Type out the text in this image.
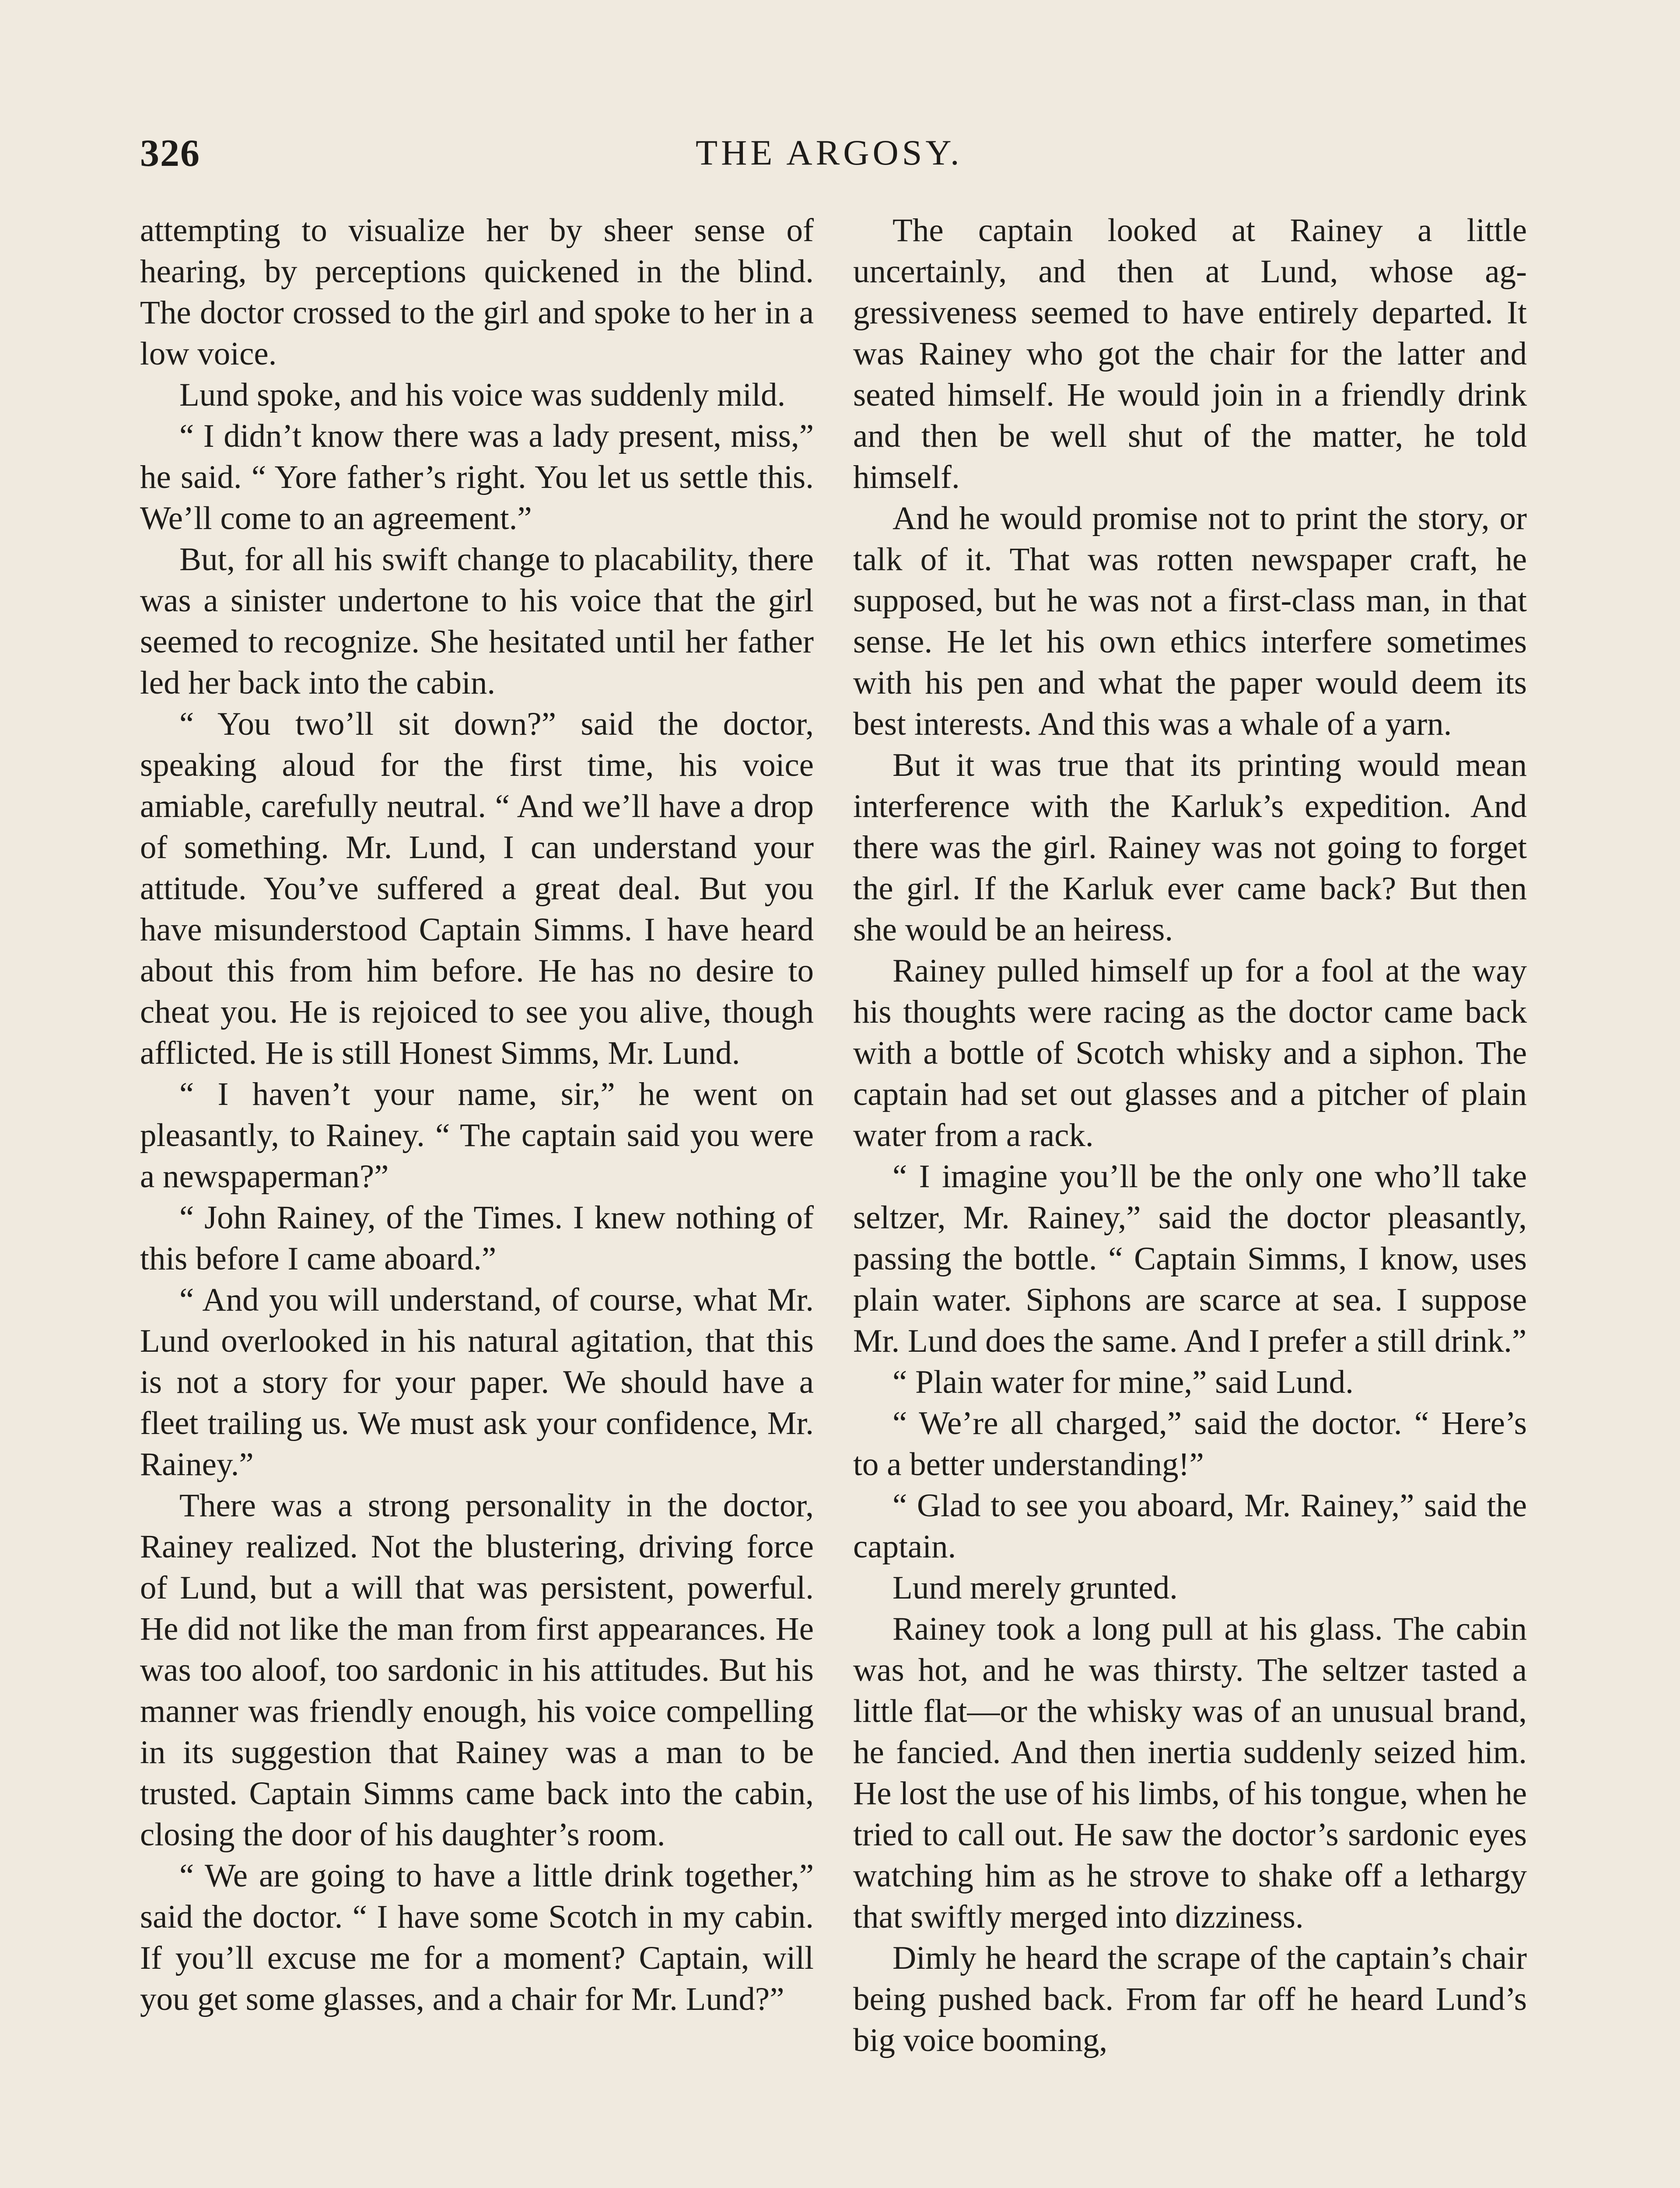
326	THE ARGOSY.

attempting to visualize her by sheer sense of hearing, by perceptions quickened in the blind. The doctor crossed to the girl and spoke to her in a low voice.

Lund spoke, and his voice was suddenly mild.

“ I didn’t know there was a lady present, miss,” he said. “ Yore father’s right. You let us settle this. We’ll come to an agreement.”

But, for all his swift change to placability, there was a sinister undertone to his voice that the girl seemed to recognize. She hesitated until her father led her back into the cabin.

“ You two’ll sit down?” said the doctor, speaking aloud for the first time, his voice amiable, carefully neutral. “ And we’ll have a drop of something. Mr. Lund, I can understand your attitude. You’ve suffered a great deal. But you have misunderstood Captain Simms. I have heard about this from him before. He has no desire to cheat you. He is rejoiced to see you alive, though afflicted. He is still Honest Simms, Mr. Lund.

“ I haven’t your name, sir,” he went on pleasantly, to Rainey. “ The captain said you were a newspaperman?”

“ John Rainey, of the Times. I knew nothing of this before I came aboard.”

“ And you will understand, of course, what Mr. Lund overlooked in his natural agitation, that this is not a story for your paper. We should have a fleet trailing us. We must ask your confidence, Mr. Rainey.”

There was a strong personality in the doctor, Rainey realized. Not the blustering, driving force of Lund, but a will that was persistent, powerful. He did not like the man from first appearances. He was too aloof, too sardonic in his attitudes. But his manner was friendly enough, his voice compelling in its suggestion that Rainey was a man to be trusted. Captain Simms came back into the cabin, closing the door of his daughter’s room.

“ We are going to have a little drink together,” said the doctor. “ I have some Scotch in my cabin. If you’ll excuse me for a moment? Captain, will you get some glasses, and a chair for Mr. Lund?”

The captain looked at Rainey a little uncertainly, and then at Lund, whose aggressiveness seemed to have entirely departed. It was Rainey who got the chair for the latter and seated himself. He would join in a friendly drink and then be well shut of the matter, he told himself.

And he would promise not to print the story, or talk of it. That was rotten newspaper craft, he supposed, but he was not a first-class man, in that sense. He let his own ethics interfere sometimes with his pen and what the paper would deem its best interests. And this was a whale of a yarn.

But it was true that its printing would mean interference with the Karluk’s expedition. And there was the girl. Rainey was not going to forget the girl. If the Karluk ever came back? But then she would be an heiress.

Rainey pulled himself up for a fool at the way his thoughts were racing as the doctor came back with a bottle of Scotch whisky and a siphon. The captain had set out glasses and a pitcher of plain water from a rack.

“ I imagine you’ll be the only one who’ll take seltzer, Mr. Rainey,” said the doctor pleasantly, passing the bottle. “ Captain Simms, I know, uses plain water. Siphons are scarce at sea. I suppose Mr. Lund does the same. And I prefer a still drink.”

“ Plain water for mine,” said Lund.

“ We’re all charged,” said the doctor. “ Here’s to a better understanding!”

“ Glad to see you aboard, Mr. Rainey,” said the captain.

Lund merely grunted.

Rainey took a long pull at his glass. The cabin was hot, and he was thirsty. The seltzer tasted a little flat—or the whisky was of an unusual brand, he fancied. And then inertia suddenly seized him. He lost the use of his limbs, of his tongue, when he tried to call out. He saw the doctor’s sardonic eyes watching him as he strove to shake off a lethargy that swiftly merged into dizziness.

Dimly he heard the scrape of the captain’s chair being pushed back. From far off he heard Lund’s big voice booming,
